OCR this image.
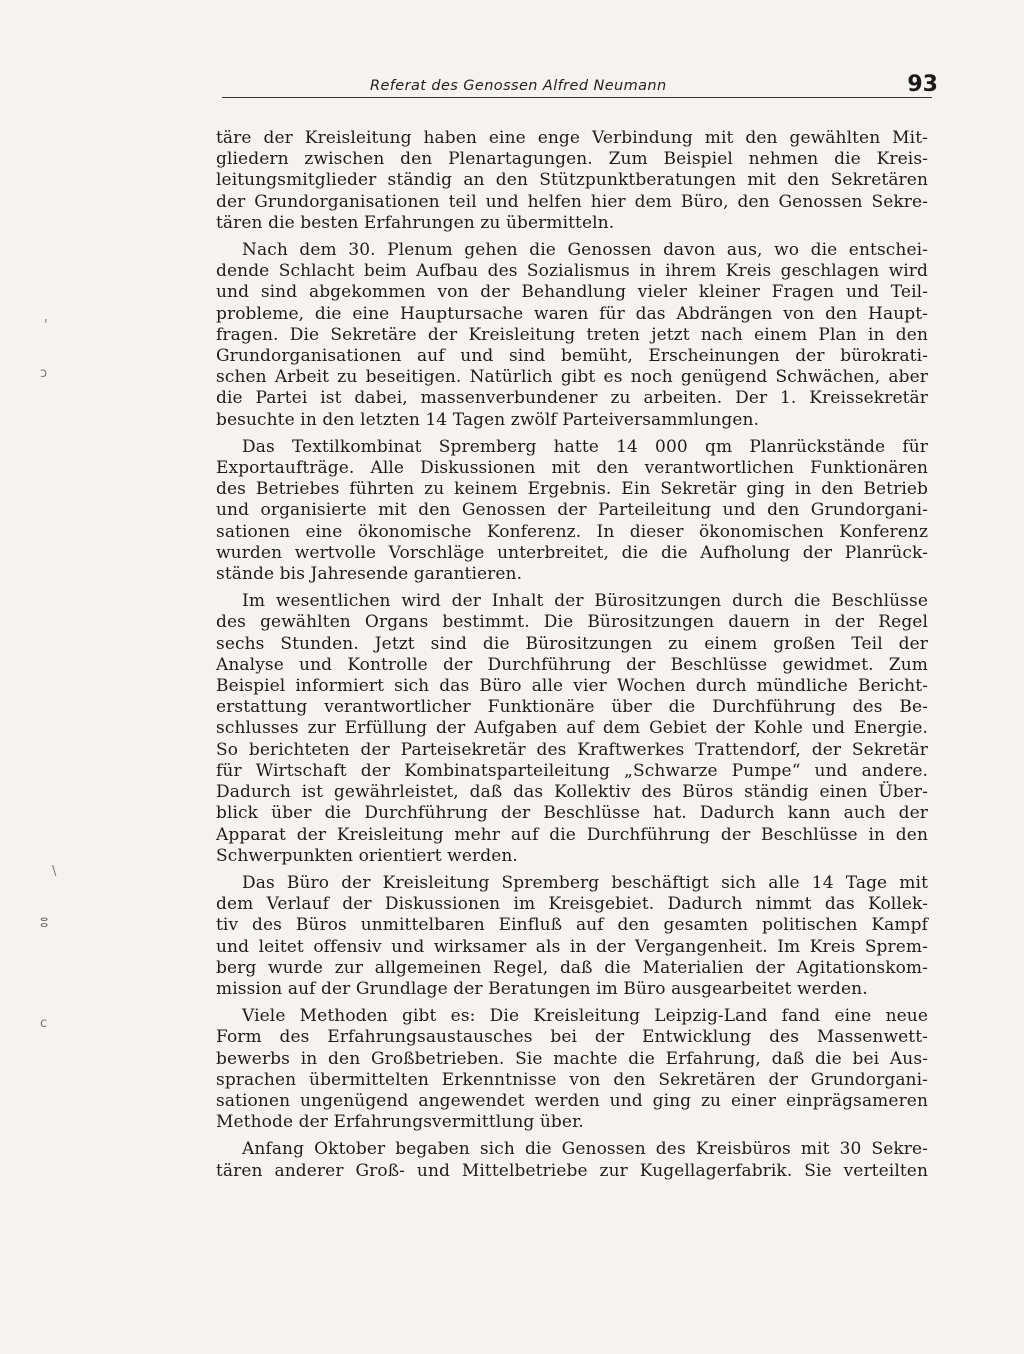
Referat des Genossen Alfred Neumann	93
täre der Kreisleitung haben eine enge Verbindung mit den gewählten Mit-
gliedern zwischen den Plenartagungen. Zum Beispiel nehmen die Kreis-
leitungsmitglieder ständig an den Stützpunktberatungen mit den Sekretären
der Grundorganisationen teil und helfen hier dem Büro, den Genossen Sekre-
tären die besten Erfahrungen zu übermitteln.
Nach dem 30. Plenum gehen die Genossen davon aus, wo die entschei-
dende Schlacht beim Aufbau des Sozialismus in ihrem Kreis geschlagen wird
und sind abgekommen von der Behandlung vieler kleiner Fragen und Teil-
probleme, die eine Hauptursache waren für das Abdrängen von den Haupt-
fragen. Die Sekretäre der Kreisleitung treten jetzt nach einem Plan in den
Grundorganisationen auf und sind bemüht, Erscheinungen der bürokrati-
schen Arbeit zu beseitigen. Natürlich gibt es noch genügend Schwächen, aber
die Partei ist dabei, massenverbundener zu arbeiten. Der 1. Kreissekretär
besuchte in den letzten 14 Tagen zwölf Parteiversammlungen.
Das Textilkombinat Spremberg hatte 14 000 qm Planrückstände für
Exportaufträge. Alle Diskussionen mit den verantwortlichen Funktionären
des Betriebes führten zu keinem Ergebnis. Ein Sekretär ging in den Betrieb
und organisierte mit den Genossen der Parteileitung und den Grundorgani-
sationen eine ökonomische Konferenz. In dieser ökonomischen Konferenz
wurden wertvolle Vorschläge unterbreitet, die die Aufholung der Planrück-
stände bis Jahresende garantieren.
Im wesentlichen wird der Inhalt der Bürositzungen durch die Beschlüsse
des gewählten Organs bestimmt. Die Bürositzungen dauern in der Regel
sechs Stunden. Jetzt sind die Bürositzungen zu einem großen Teil der
Analyse und Kontrolle der Durchführung der Beschlüsse gewidmet. Zum
Beispiel informiert sich das Büro alle vier Wochen durch mündliche Bericht-
erstattung verantwortlicher Funktionäre über die Durchführung des Be-
schlusses zur Erfüllung der Aufgaben auf dem Gebiet der Kohle und Energie.
So berichteten der Parteisekretär des Kraftwerkes Trattendorf, der Sekretär
für Wirtschaft der Kombinatsparteileitung „Schwarze Pumpe“ und andere.
Dadurch ist gewährleistet, daß das Kollektiv des Büros ständig einen Über-
blick über die Durchführung der Beschlüsse hat. Dadurch kann auch der
Apparat der Kreisleitung mehr auf die Durchführung der Beschlüsse in den
Schwerpunkten orientiert werden.
Das Büro der Kreisleitung Spremberg beschäftigt sich alle 14 Tage mit
dem Verlauf der Diskussionen im Kreisgebiet. Dadurch nimmt das Kollek-
tiv des Büros unmittelbaren Einfluß auf den gesamten politischen Kampf
und leitet offensiv und wirksamer als in der Vergangenheit. Im Kreis Sprem-
berg wurde zur allgemeinen Regel, daß die Materialien der Agitationskom-
mission auf der Grundlage der Beratungen im Büro ausgearbeitet werden.
Viele Methoden gibt es: Die Kreisleitung Leipzig-Land fand eine neue
Form des Erfahrungsaustausches bei der Entwicklung des Massenwett-
bewerbs in den Großbetrieben. Sie machte die Erfahrung, daß die bei Aus-
sprachen übermittelten Erkenntnisse von den Sekretären der Grundorgani-
sationen ungenügend angewendet werden und ging zu einer einprägsameren
Methode der Erfahrungsvermittlung über.
Anfang Oktober begaben sich die Genossen des Kreisbüros mit 30 Sekre-
tären anderer Groß- und Mittelbetriebe zur Kugellagerfabrik. Sie verteilten
'
ↄ
\
ⵓ
c
